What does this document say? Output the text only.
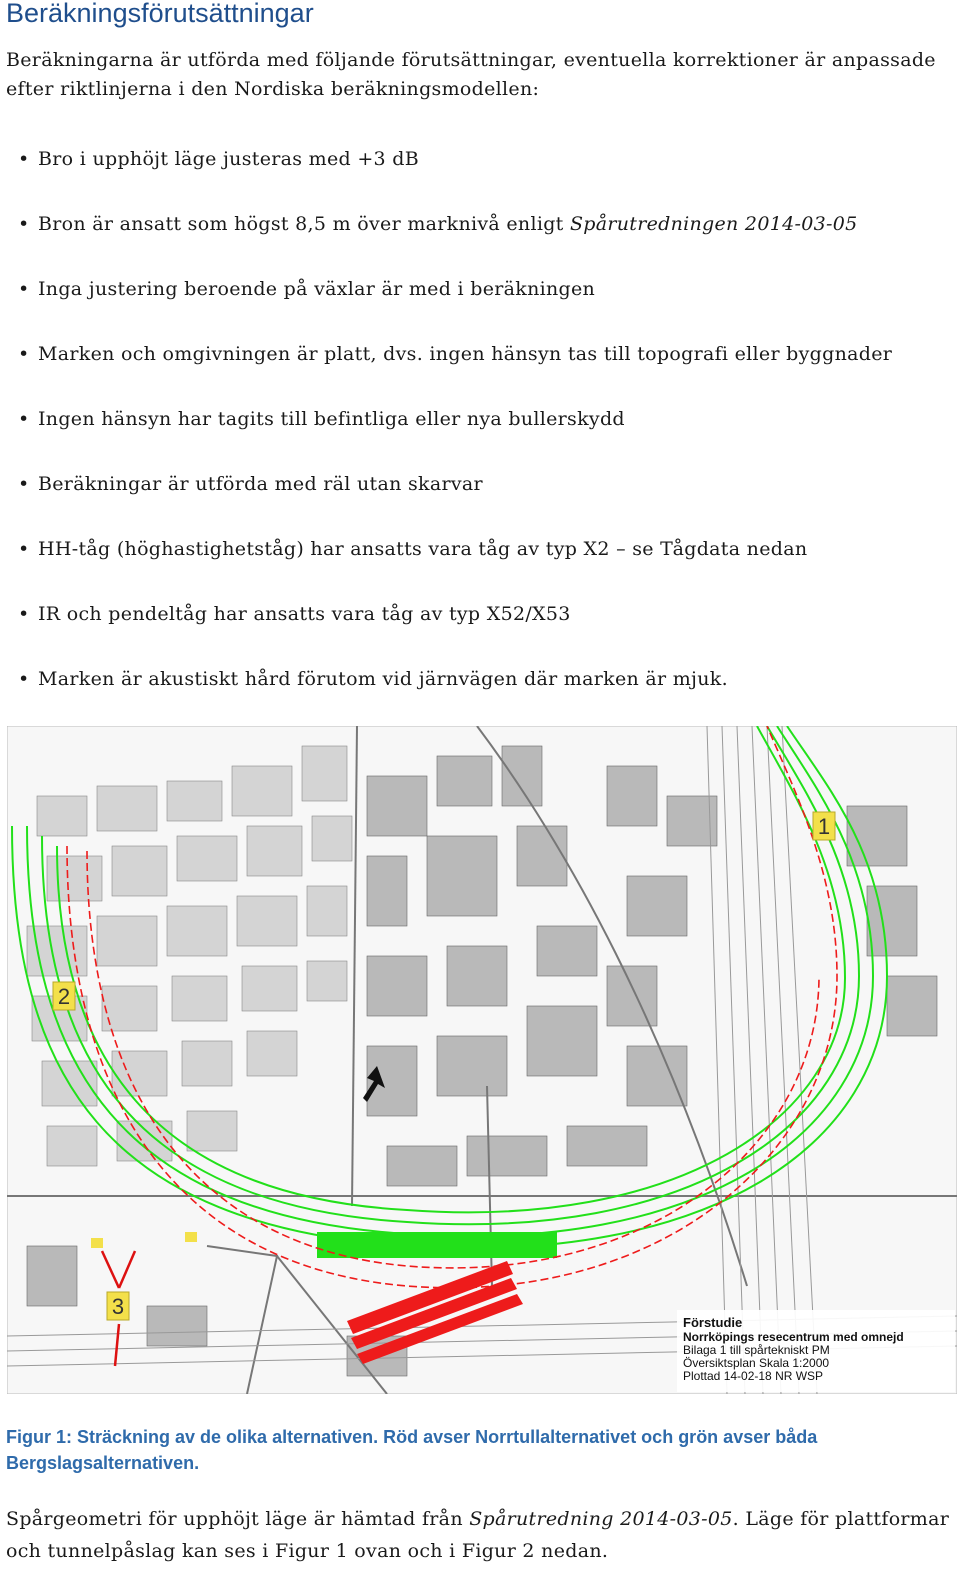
Beräkningsförutsättningar

Beräkningarna är utförda med följande förutsättningar, eventuella korrektioner är anpassade efter riktlinjerna i den Nordiska beräkningsmodellen:

• Bro i upphöjt läge justeras med +3 dB
• Bron är ansatt som högst 8,5 m över marknivå enligt Spårutredningen 2014-03-05
• Inga justering beroende på växlar är med i beräkningen
• Marken och omgivningen är platt, dvs. ingen hänsyn tas till topografi eller byggnader
• Ingen hänsyn har tagits till befintliga eller nya bullerskydd
• Beräkningar är utförda med räl utan skarvar
• HH-tåg (höghastighetståg) har ansatts vara tåg av typ X2 – se Tågdata nedan
• IR och pendeltåg har ansatts vara tåg av typ X52/X53
• Marken är akustiskt hård förutom vid järnvägen där marken är mjuk.
1
2
3
Förstudie
Norrköpings resecentrum med omnejd
Bilaga 1 till spårtekniskt PM
Översiktsplan Skala 1:2000
Plottad 14-02-18 NR WSP

Figur 1: Sträckning av de olika alternativen. Röd avser Norrtullalternativet och grön avser båda Bergslagsalternativen.

Spårgeometri för upphöjt läge är hämtad från Spårutredning 2014-03-05. Läge för plattformar och tunnelpåslag kan ses i Figur 1 ovan och i Figur 2 nedan.
